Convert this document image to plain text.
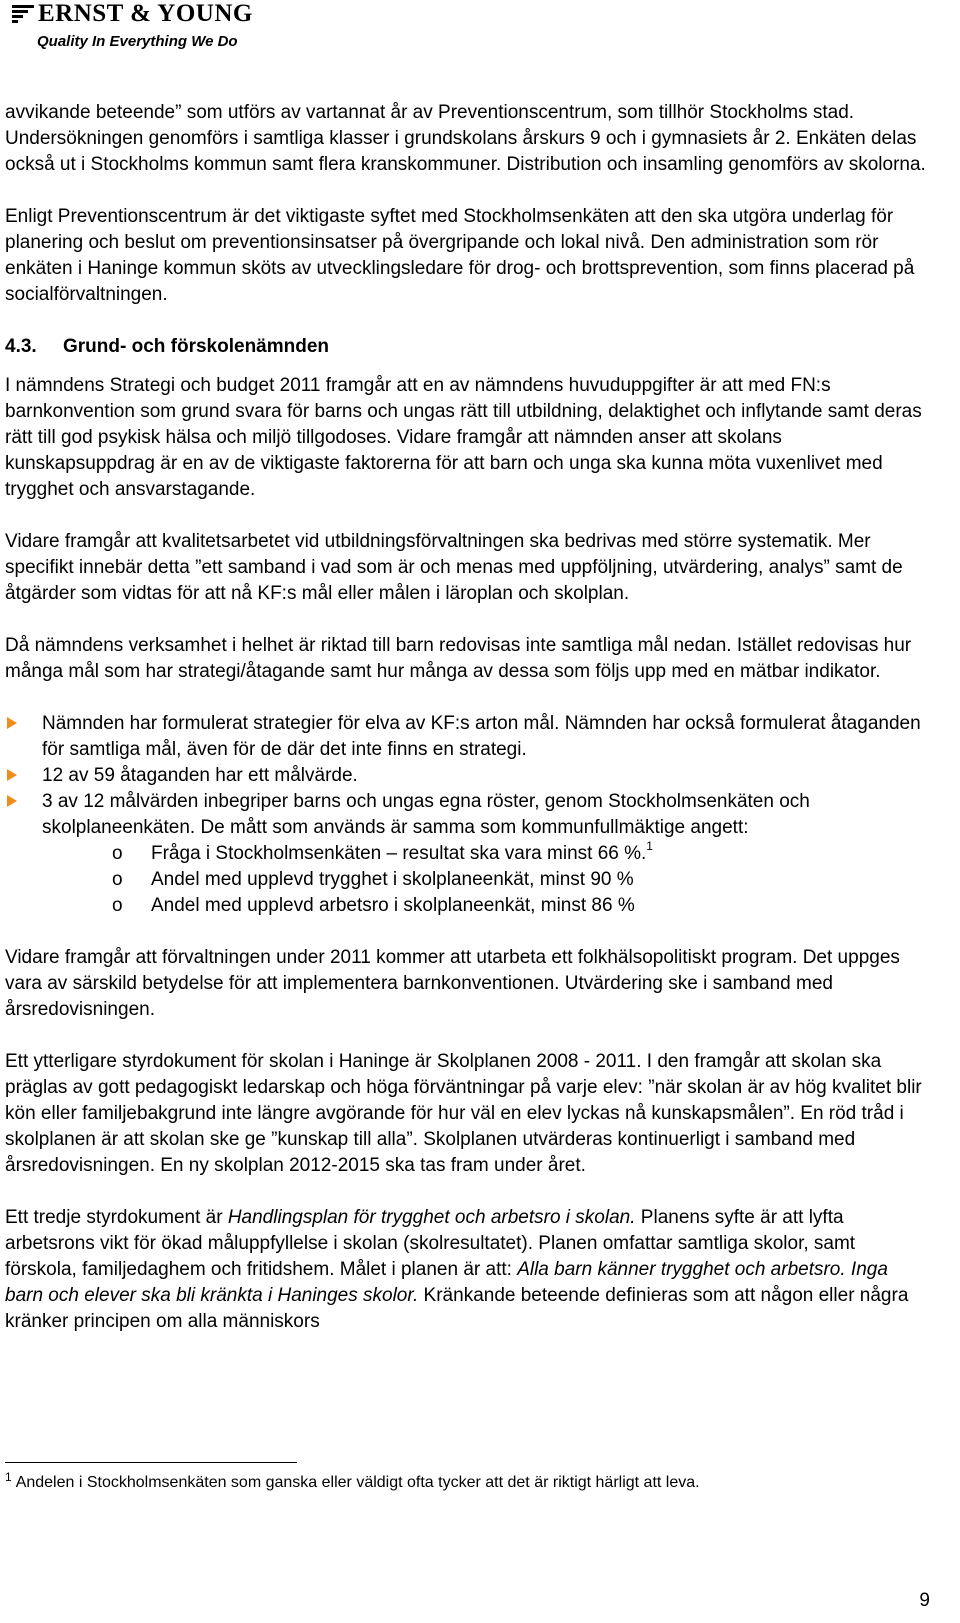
ERNST & YOUNG
Quality In Everything We Do

avvikande beteende” som utförs av vartannat år av Preventionscentrum, som tillhör Stockholms stad. Undersökningen genomförs i samtliga klasser i grundskolans årskurs 9 och i gymnasiets år 2. Enkäten delas också ut i Stockholms kommun samt flera kranskommuner. Distribution och insamling genomförs av skolorna.

Enligt Preventionscentrum är det viktigaste syftet med Stockholmsenkäten att den ska utgöra underlag för planering och beslut om preventionsinsatser på övergripande och lokal nivå. Den administration som rör enkäten i Haninge kommun sköts av utvecklingsledare för drog- och brottsprevention, som finns placerad på socialförvaltningen.

4.3. Grund- och förskolenämnden

I nämndens Strategi och budget 2011 framgår att en av nämndens huvuduppgifter är att med FN:s barnkonvention som grund svara för barns och ungas rätt till utbildning, delaktighet och inflytande samt deras rätt till god psykisk hälsa och miljö tillgodoses. Vidare framgår att nämnden anser att skolans kunskapsuppdrag är en av de viktigaste faktorerna för att barn och unga ska kunna möta vuxenlivet med trygghet och ansvarstagande.

Vidare framgår att kvalitetsarbetet vid utbildningsförvaltningen ska bedrivas med större systematik. Mer specifikt innebär detta ”ett samband i vad som är och menas med uppföljning, utvärdering, analys” samt de åtgärder som vidtas för att nå KF:s mål eller målen i läroplan och skolplan.

Då nämndens verksamhet i helhet är riktad till barn redovisas inte samtliga mål nedan. Istället redovisas hur många mål som har strategi/åtagande samt hur många av dessa som följs upp med en mätbar indikator.

Nämnden har formulerat strategier för elva av KF:s arton mål. Nämnden har också formulerat åtaganden för samtliga mål, även för de där det inte finns en strategi.
12 av 59 åtaganden har ett målvärde.
3 av 12 målvärden inbegriper barns och ungas egna röster, genom Stockholmsenkäten och skolplaneenkäten. De mått som används är samma som kommunfullmäktige angett:
o Fråga i Stockholmsenkäten – resultat ska vara minst 66 %.$^1$
o Andel med upplevd trygghet i skolplaneenkät, minst 90 %
o Andel med upplevd arbetsro i skolplaneenkät, minst 86 %

Vidare framgår att förvaltningen under 2011 kommer att utarbeta ett folkhälsopolitiskt program. Det uppges vara av särskild betydelse för att implementera barnkonventionen. Utvärdering ske i samband med årsredovisningen.

Ett ytterligare styrdokument för skolan i Haninge är Skolplanen 2008 - 2011. I den framgår att skolan ska präglas av gott pedagogiskt ledarskap och höga förväntningar på varje elev: ”när skolan är av hög kvalitet blir kön eller familjebakgrund inte längre avgörande för hur väl en elev lyckas nå kunskapsmålen”. En röd tråd i skolplanen är att skolan ske ge ”kunskap till alla”. Skolplanen utvärderas kontinuerligt i samband med årsredovisningen. En ny skolplan 2012-2015 ska tas fram under året.

Ett tredje styrdokument är Handlingsplan för trygghet och arbetsro i skolan. Planens syfte är att lyfta arbetsrons vikt för ökad måluppfyllelse i skolan (skolresultatet). Planen omfattar samtliga skolor, samt förskola, familjedaghem och fritidshem. Målet i planen är att: Alla barn känner trygghet och arbetsro. Inga barn och elever ska bli kränkta i Haninges skolor. Kränkande beteende definieras som att någon eller några kränker principen om alla människors

$^1$ Andelen i Stockholmsenkäten som ganska eller väldigt ofta tycker att det är riktigt härligt att leva.
9
